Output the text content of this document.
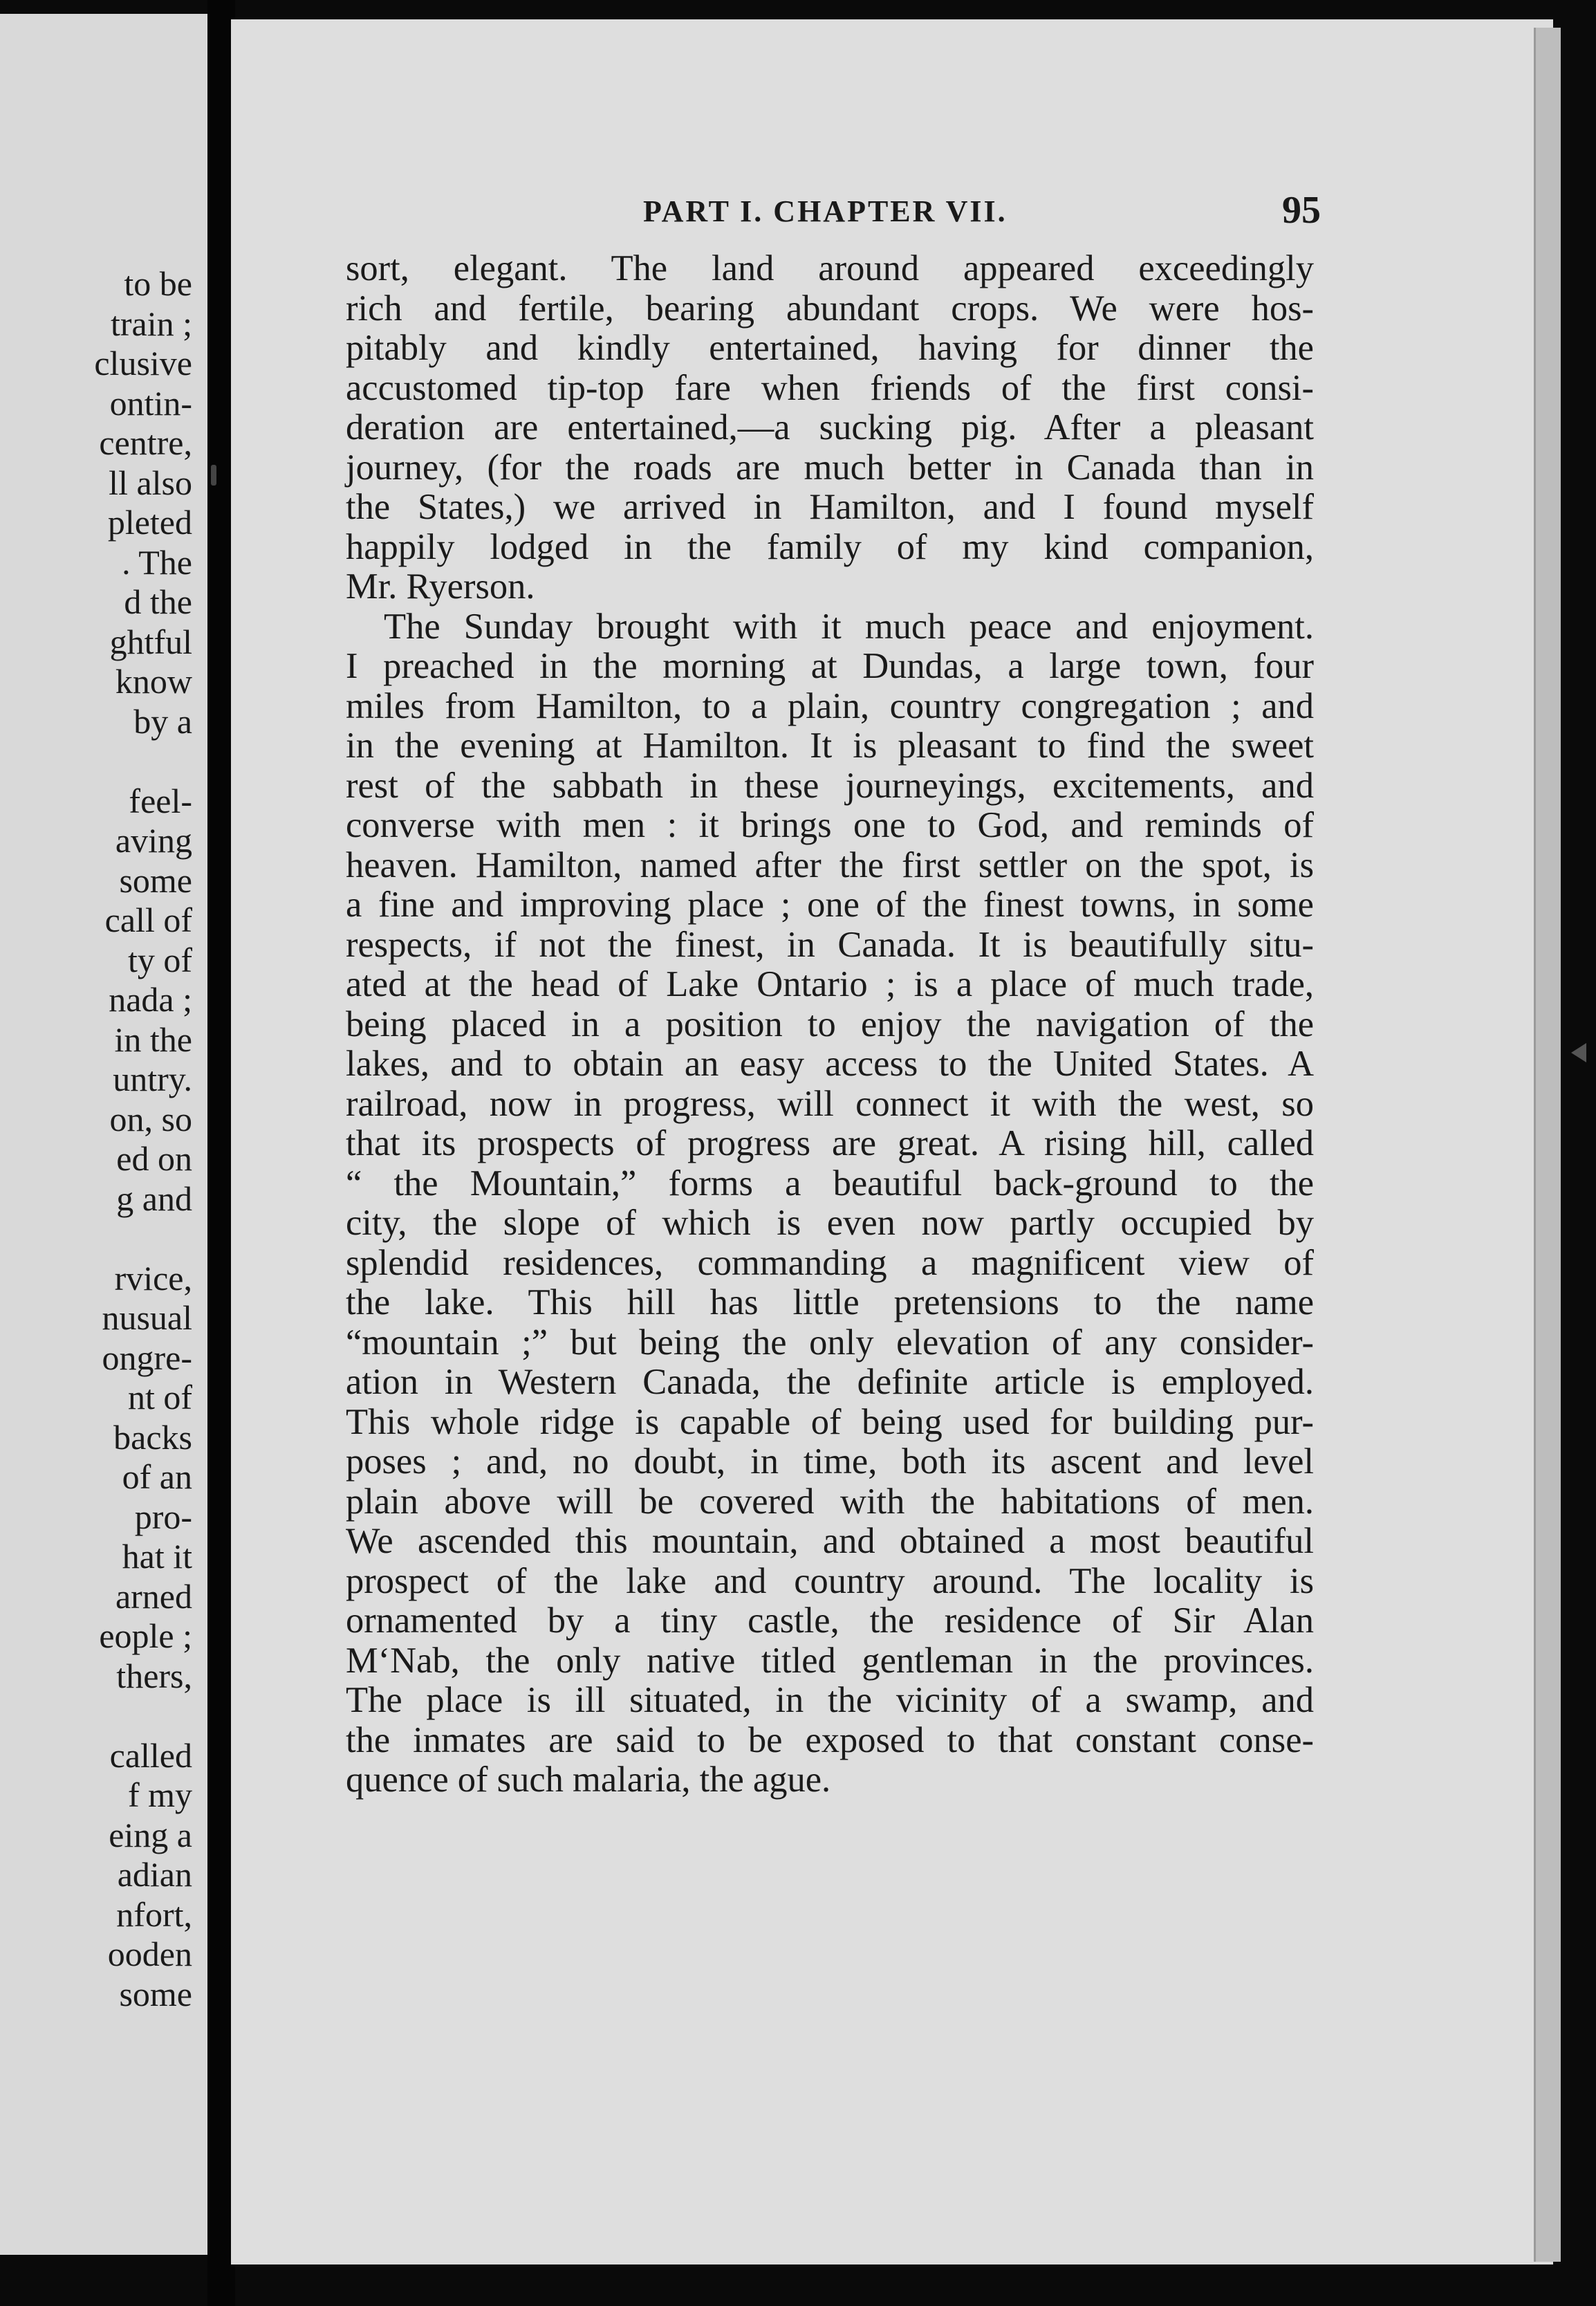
to be
train ;
clusive
ontin-
centre,
ll also
pleted
. The
d the
ghtful
know
by a
feel-
aving
some
call of
ty of
nada ;
in the
untry.
on, so
ed on
g and
rvice,
nusual
ongre-
nt of
backs
of an
pro-
hat it
arned
eople ;
thers,
called
f my
eing a
adian
nfort,
ooden
some
PART I. CHAPTER VII.	95
sort, elegant. The land around appeared exceedingly
rich and fertile, bearing abundant crops. We were hos-
pitably and kindly entertained, having for dinner the
accustomed tip-top fare when friends of the first consi-
deration are entertained,—a sucking pig. After a pleasant
journey, (for the roads are much better in Canada than in
the States,) we arrived in Hamilton, and I found myself
happily lodged in the family of my kind companion,
Mr. Ryerson.
The Sunday brought with it much peace and enjoyment.
I preached in the morning at Dundas, a large town, four
miles from Hamilton, to a plain, country congregation ; and
in the evening at Hamilton. It is pleasant to find the sweet
rest of the sabbath in these journeyings, excitements, and
converse with men : it brings one to God, and reminds of
heaven. Hamilton, named after the first settler on the spot, is
a fine and improving place ; one of the finest towns, in some
respects, if not the finest, in Canada. It is beautifully situ-
ated at the head of Lake Ontario ; is a place of much trade,
being placed in a position to enjoy the navigation of the
lakes, and to obtain an easy access to the United States. A
railroad, now in progress, will connect it with the west, so
that its prospects of progress are great. A rising hill, called
“ the Mountain,” forms a beautiful back-ground to the
city, the slope of which is even now partly occupied by
splendid residences, commanding a magnificent view of
the lake. This hill has little pretensions to the name
“mountain ;” but being the only elevation of any consider-
ation in Western Canada, the definite article is employed.
This whole ridge is capable of being used for building pur-
poses ; and, no doubt, in time, both its ascent and level
plain above will be covered with the habitations of men.
We ascended this mountain, and obtained a most beautiful
prospect of the lake and country around. The locality is
ornamented by a tiny castle, the residence of Sir Alan
M‘Nab, the only native titled gentleman in the provinces.
The place is ill situated, in the vicinity of a swamp, and
the inmates are said to be exposed to that constant conse-
quence of such malaria, the ague.
